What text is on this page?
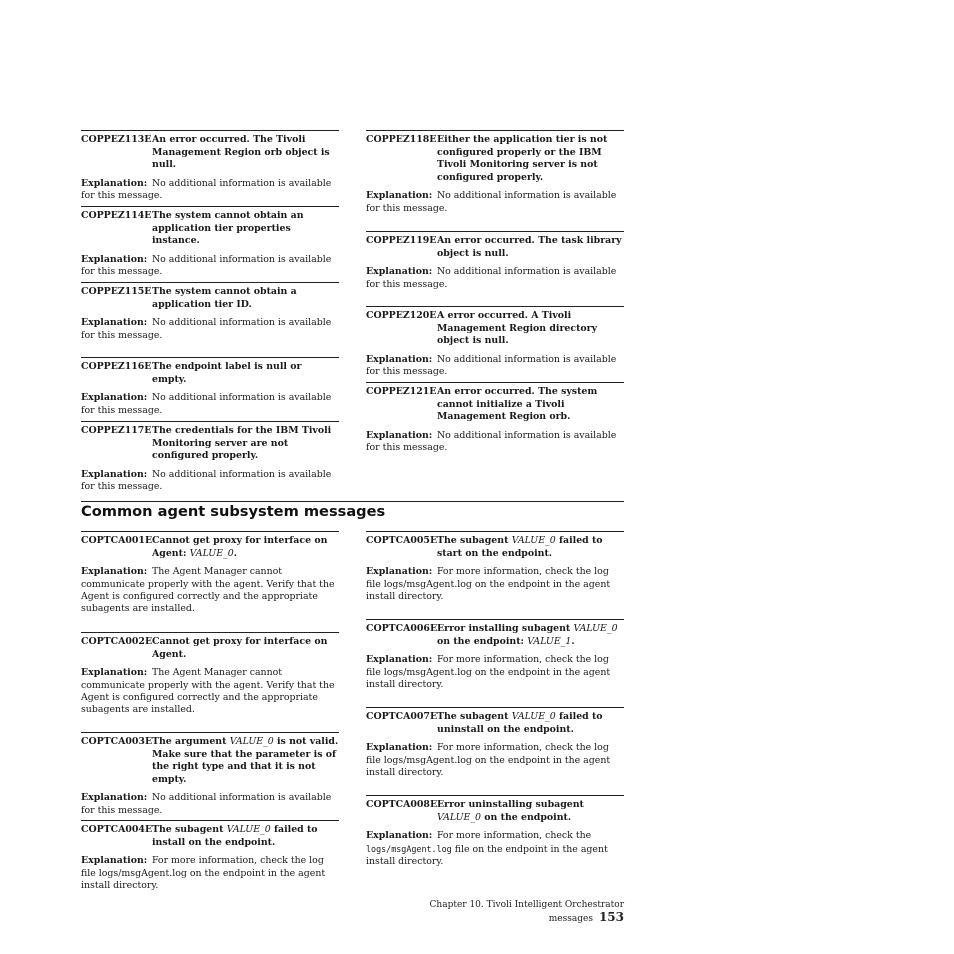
COPPEZ113E An error occurred. The Tivoli Management Region orb object is null.
Explanation:  No additional information is available for this message.
COPPEZ114E The system cannot obtain an application tier properties instance.
Explanation:  No additional information is available for this message.
COPPEZ115E The system cannot obtain a application tier ID.
Explanation:  No additional information is available for this message.
COPPEZ116E The endpoint label is null or empty.
Explanation:  No additional information is available for this message.
COPPEZ117E The credentials for the IBM Tivoli Monitoring server are not configured properly.
Explanation:  No additional information is available for this message.
COPPEZ118E Either the application tier is not configured properly or the IBM Tivoli Monitoring server is not configured properly.
Explanation:  No additional information is available for this message.
COPPEZ119E An error occurred. The task library object is null.
Explanation:  No additional information is available for this message.
COPPEZ120E A error occurred. A Tivoli Management Region directory object is null.
Explanation:  No additional information is available for this message.
COPPEZ121E An error occurred. The system cannot initialize a Tivoli Management Region orb.
Explanation:  No additional information is available for this message.
Common agent subsystem messages
COPTCA001E Cannot get proxy for interface on Agent: VALUE_0.
Explanation:  The Agent Manager cannot communicate properly with the agent. Verify that the Agent is configured correctly and the appropriate subagents are installed.
COPTCA002E Cannot get proxy for interface on Agent.
Explanation:  The Agent Manager cannot communicate properly with the agent. Verify that the Agent is configured correctly and the appropriate subagents are installed.
COPTCA003E The argument VALUE_0 is not valid. Make sure that the parameter is of the right type and that it is not empty.
Explanation:  No additional information is available for this message.
COPTCA004E The subagent VALUE_0 failed to install on the endpoint.
Explanation:  For more information, check the log file logs/msgAgent.log on the endpoint in the agent install directory.
COPTCA005E The subagent VALUE_0 failed to start on the endpoint.
Explanation:  For more information, check the log file logs/msgAgent.log on the endpoint in the agent install directory.
COPTCA006E Error installing subagent VALUE_0 on the endpoint: VALUE_1.
Explanation:  For more information, check the log file logs/msgAgent.log on the endpoint in the agent install directory.
COPTCA007E The subagent VALUE_0 failed to uninstall on the endpoint.
Explanation:  For more information, check the log file logs/msgAgent.log on the endpoint in the agent install directory.
COPTCA008E Error uninstalling subagent VALUE_0 on the endpoint.
Explanation:  For more information, check the logs/msgAgent.log file on the endpoint in the agent install directory.
Chapter 10. Tivoli Intelligent Orchestrator messages 153
